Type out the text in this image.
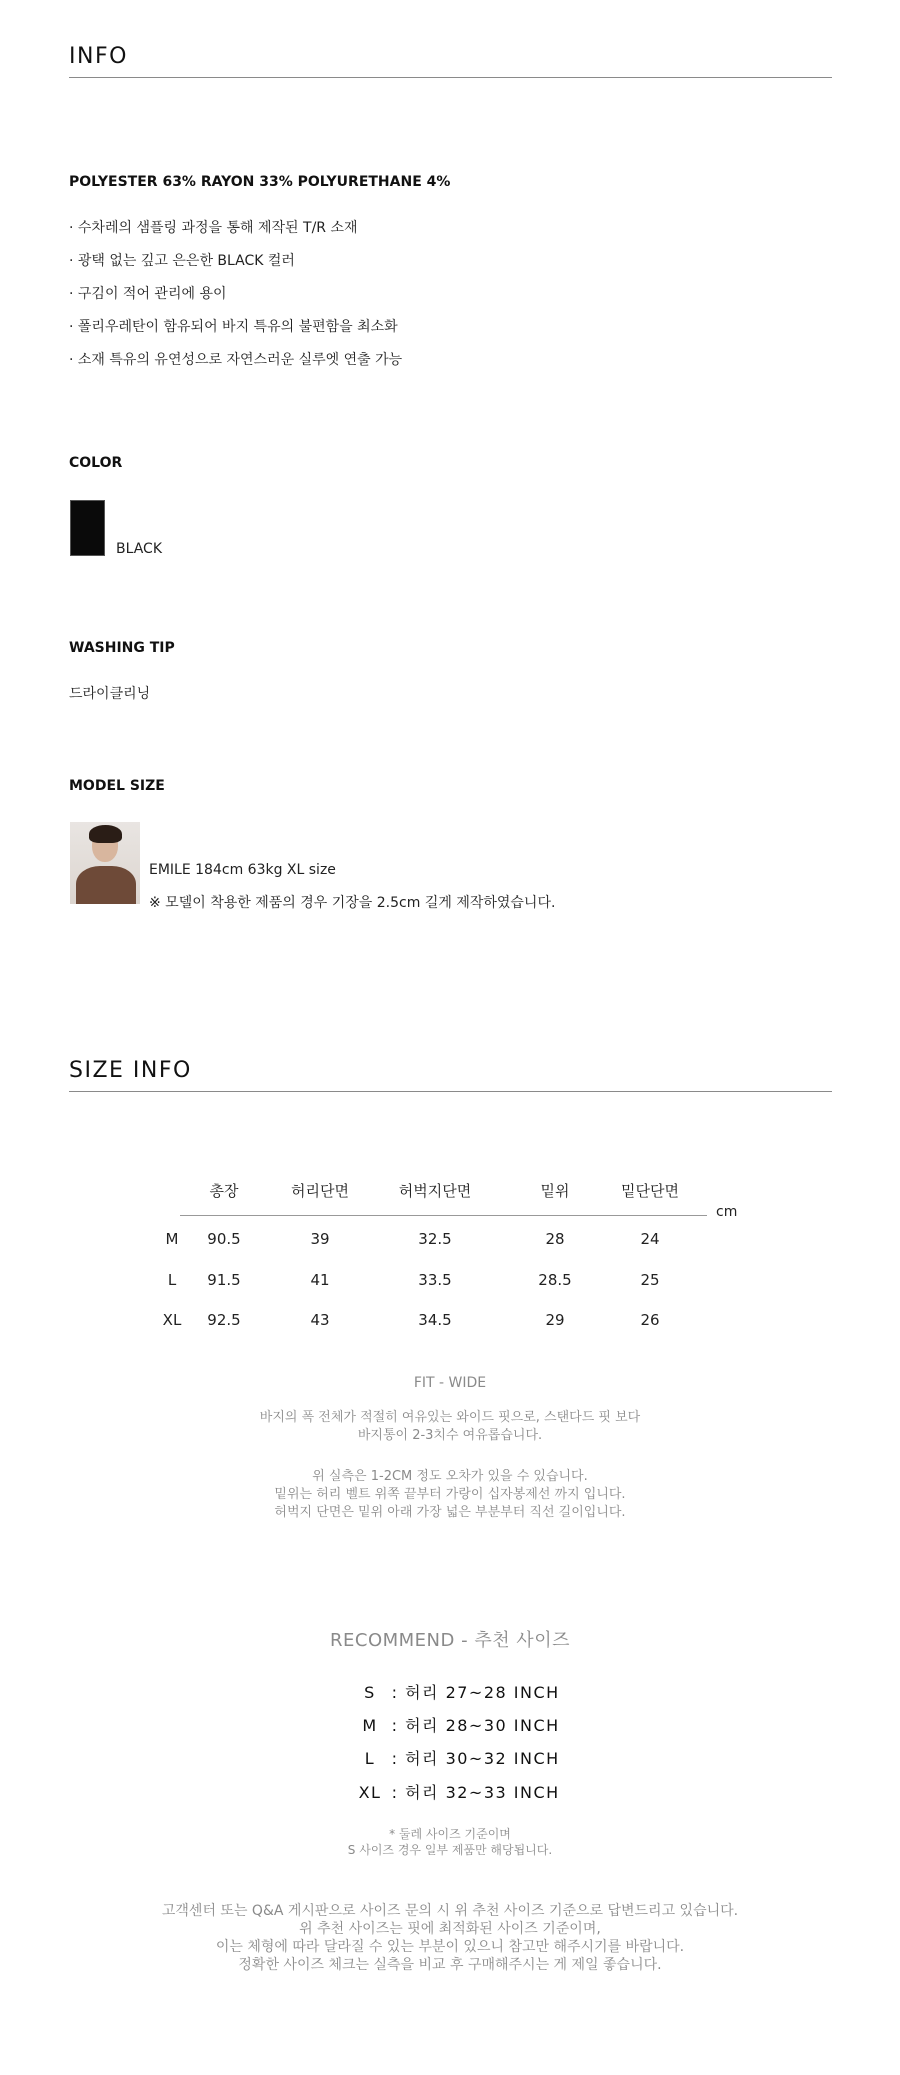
INFO
POLYESTER 63% RAYON 33% POLYURETHANE 4%
· 수차레의 샘플링 과정을 통해 제작된 T/R 소재
· 광택 없는 깊고 은은한 BLACK 컬러
· 구김이 적어 관리에 용이
· 폴리우레탄이 함유되어 바지 특유의 불편함을 최소화
· 소재 특유의 유연성으로 자연스러운 실루엣 연출 가능
COLOR
BLACK
WASHING TIP
드라이클리닝
MODEL SIZE
EMILE 184cm 63kg XL size
※ 모델이 착용한 제품의 경우 기장을 2.5cm 길게 제작하였습니다.
SIZE INFO
총장	허리단면	허벅지단면	밑위	밑단단면
M 90.5	39	32.5	28	24
L 91.5	41	33.5	28.5	25
XL 92.5	43	34.5	29	26
cm
FIT - WIDE
바지의 폭 전체가 적절히 여유있는 와이드 핏으로, 스탠다드 핏 보다
바지통이 2-3치수 여유롭습니다.
위 실측은 1-2CM 정도 오차가 있을 수 있습니다.
밑위는 허리 벨트 위쪽 끝부터 가랑이 십자봉제선 까지 입니다.
허벅지 단면은 밑위 아래 가장 넓은 부분부터 직선 길이입니다.
RECOMMEND - 추천 사이즈
S : 허리 27~28 INCH
M : 허리 28~30 INCH
L : 허리 30~32 INCH
XL : 허리 32~33 INCH
* 둘레 사이즈 기준이며
S 사이즈 경우 일부 제품만 해당됩니다.
고객센터 또는 Q&A 게시판으로 사이즈 문의 시 위 추천 사이즈 기준으로 답변드리고 있습니다.
위 추천 사이즈는 핏에 최적화된 사이즈 기준이며,
이는 체형에 따라 달라질 수 있는 부분이 있으니 참고만 해주시기를 바랍니다.
정확한 사이즈 체크는 실측을 비교 후 구매해주시는 게 제일 좋습니다.
